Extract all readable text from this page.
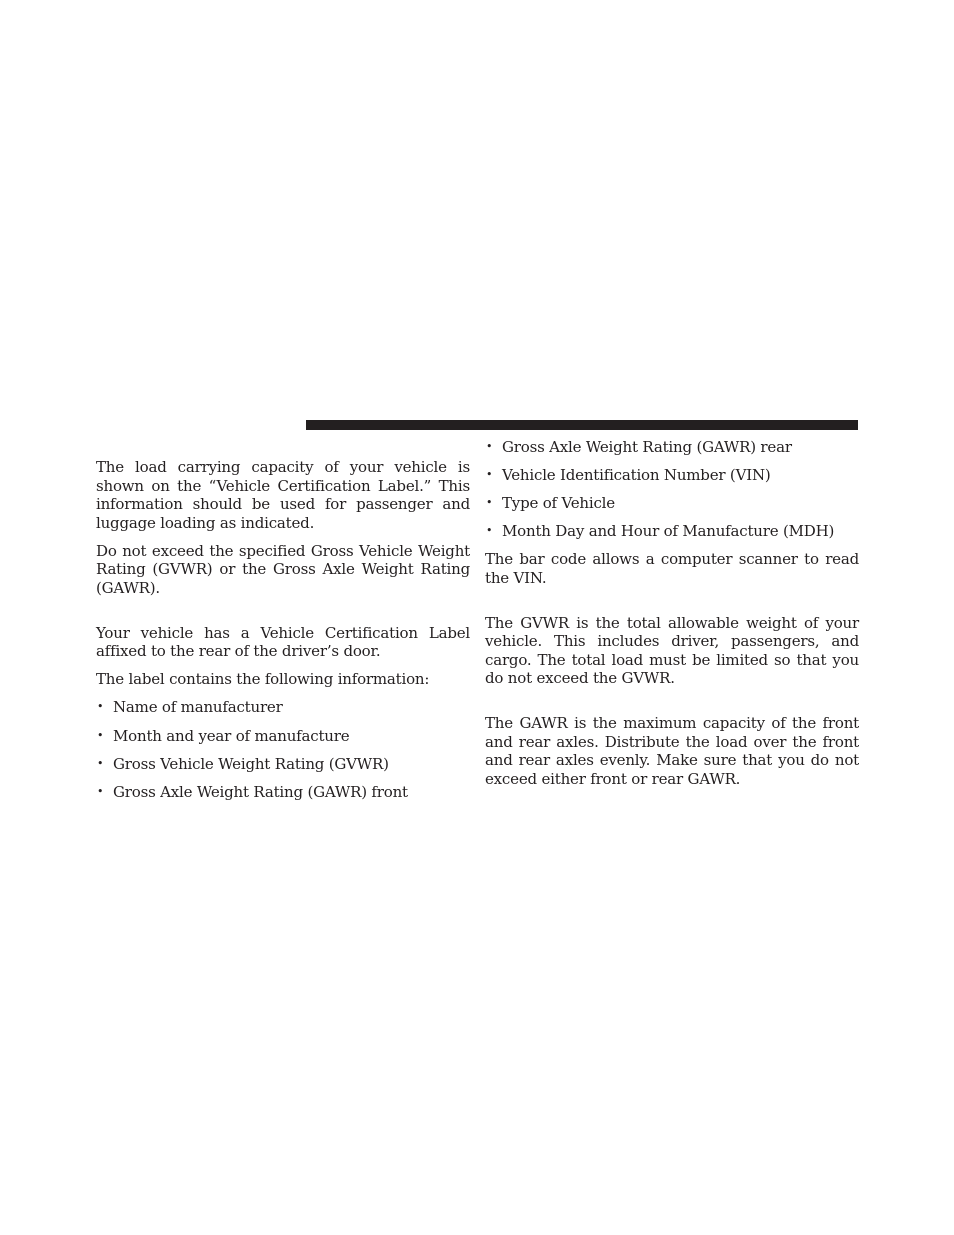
The load carrying capacity of your vehicle is shown on the “Vehicle Certification Label.” This information should be used for passenger and luggage loading as indicated.

Do not exceed the specified Gross Vehicle Weight Rating (GVWR) or the Gross Axle Weight Rating (GAWR).

Your vehicle has a Vehicle Certification Label affixed to the rear of the driver’s door.

The label contains the following information:

• Name of manufacturer
• Month and year of manufacture
• Gross Vehicle Weight Rating (GVWR)
• Gross Axle Weight Rating (GAWR) front
• Gross Axle Weight Rating (GAWR) rear
• Vehicle Identification Number (VIN)
• Type of Vehicle
• Month Day and Hour of Manufacture (MDH)

The bar code allows a computer scanner to read the VIN.

The GVWR is the total allowable weight of your vehicle. This includes driver, passengers, and cargo. The total load must be limited so that you do not exceed the GVWR.

The GAWR is the maximum capacity of the front and rear axles. Distribute the load over the front and rear axles evenly. Make sure that you do not exceed either front or rear GAWR.
